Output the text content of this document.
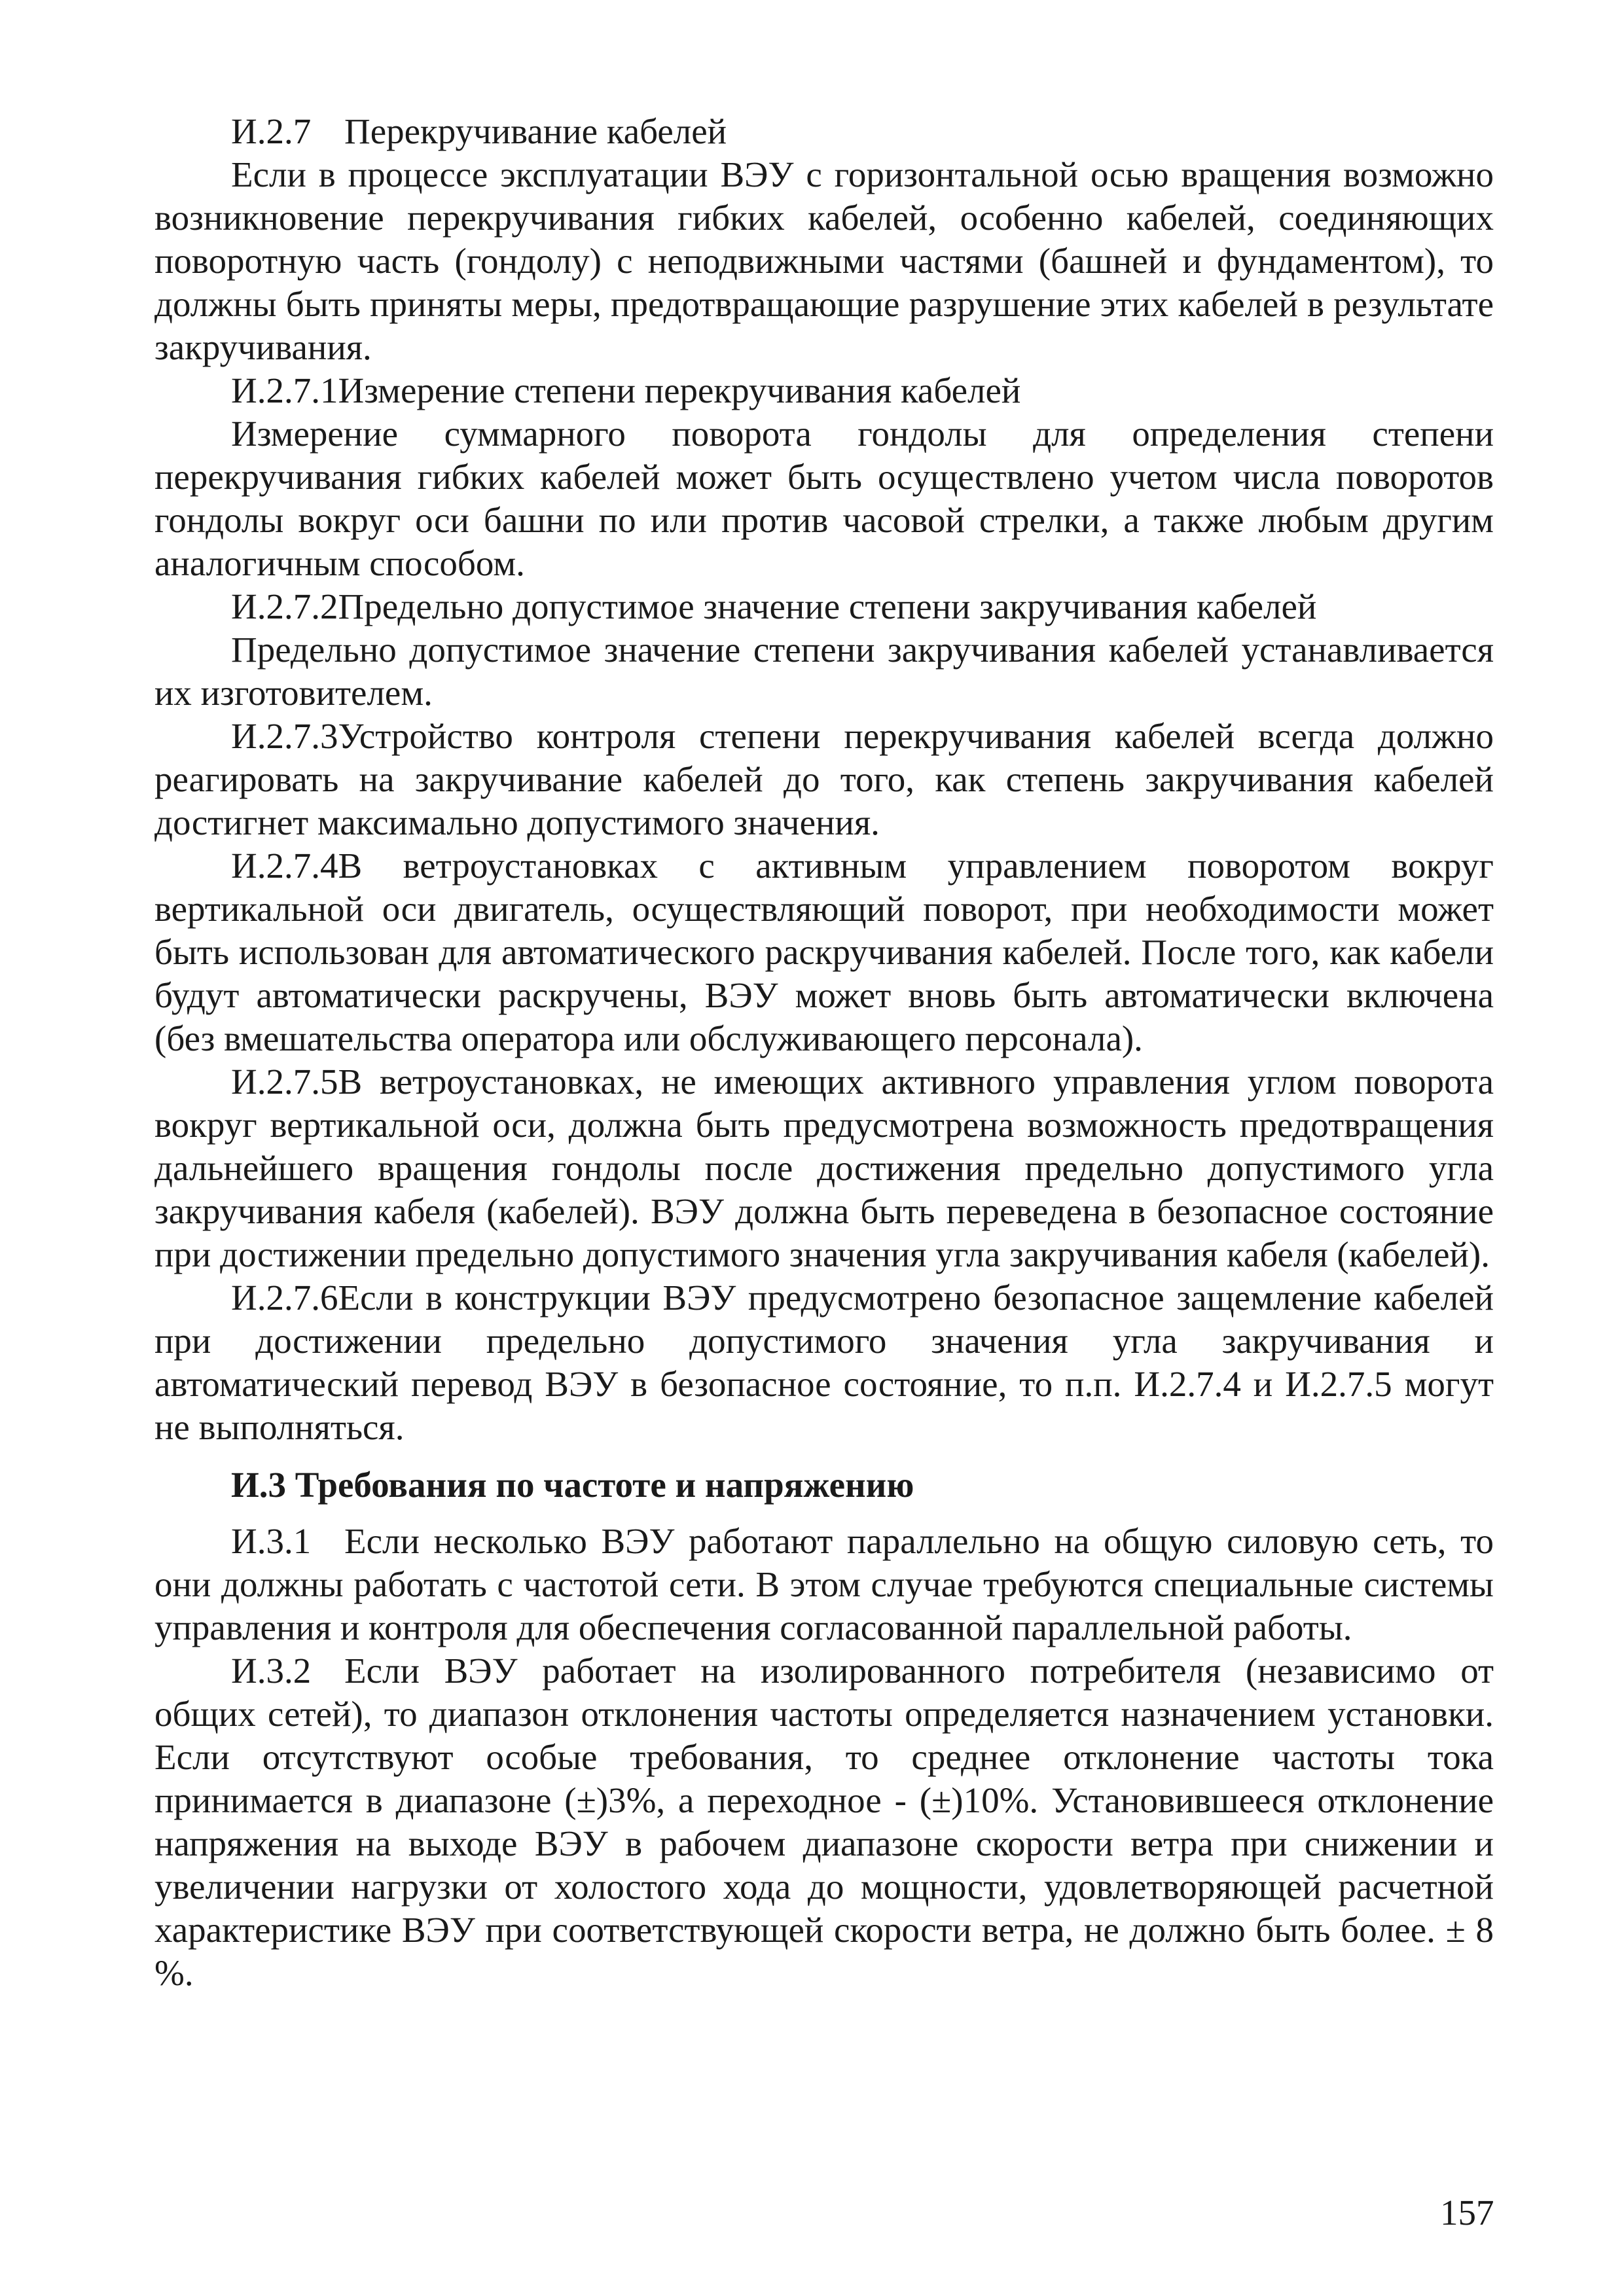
И.2.7 Перекручивание кабелей

Если в процессе эксплуатации ВЭУ с горизонтальной осью вращения возможно возникновение перекручивания гибких кабелей, особенно кабелей, соединяющих поворотную часть (гондолу) с неподвижными частями (башней и фундаментом), то должны быть приняты меры, предотвращающие разрушение этих кабелей в результате закручивания.

И.2.7.1Измерение степени перекручивания кабелей

Измерение суммарного поворота гондолы для определения степени перекручивания гибких кабелей может быть осуществлено учетом числа поворотов гондолы вокруг оси башни по или против часовой стрелки, а также любым другим аналогичным способом.

И.2.7.2Предельно допустимое значение степени закручивания кабелей

Предельно допустимое значение степени закручивания кабелей устанавливается их изготовителем.

И.2.7.3Устройство контроля степени перекручивания кабелей всегда должно реагировать на закручивание кабелей до того, как степень закручивания кабелей достигнет максимально допустимого значения.

И.2.7.4В ветроустановках с активным управлением поворотом вокруг вертикальной оси двигатель, осуществляющий поворот, при необходимости может быть использован для автоматического раскручивания кабелей. После того, как кабели будут автоматически раскручены, ВЭУ может вновь быть автоматически включена (без вмешательства оператора или обслуживающего персонала).

И.2.7.5В ветроустановках, не имеющих активного управления углом поворота вокруг вертикальной оси, должна быть предусмотрена возможность предотвращения дальнейшего вращения гондолы после достижения предельно допустимого угла закручивания кабеля (кабелей). ВЭУ должна быть переведена в безопасное состояние при достижении предельно допустимого значения угла закручивания кабеля (кабелей).

И.2.7.6Если в конструкции ВЭУ предусмотрено безопасное защемление кабелей при достижении предельно допустимого значения угла закручивания и автоматический перевод ВЭУ в безопасное состояние, то п.п. И.2.7.4 и И.2.7.5 могут не выполняться.

И.3 Требования по частоте и напряжению

И.3.1 Если несколько ВЭУ работают параллельно на общую силовую сеть, то они должны работать с частотой сети. В этом случае требуются специальные системы управления и контроля для обеспечения согласованной параллельной работы.

И.3.2 Если ВЭУ работает на изолированного потребителя (независимо от общих сетей), то диапазон отклонения частоты определяется назначением установки. Если отсутствуют особые требования, то среднее отклонение частоты тока принимается в диапазоне (±)3%, а переходное - (±)10%. Установившееся отклонение напряжения на выходе ВЭУ в рабочем диапазоне скорости ветра при снижении и увеличении нагрузки от холостого хода до мощности, удовлетворяющей расчетной характеристике ВЭУ при соответствующей скорости ветра, не должно быть более. ± 8 %.

157
